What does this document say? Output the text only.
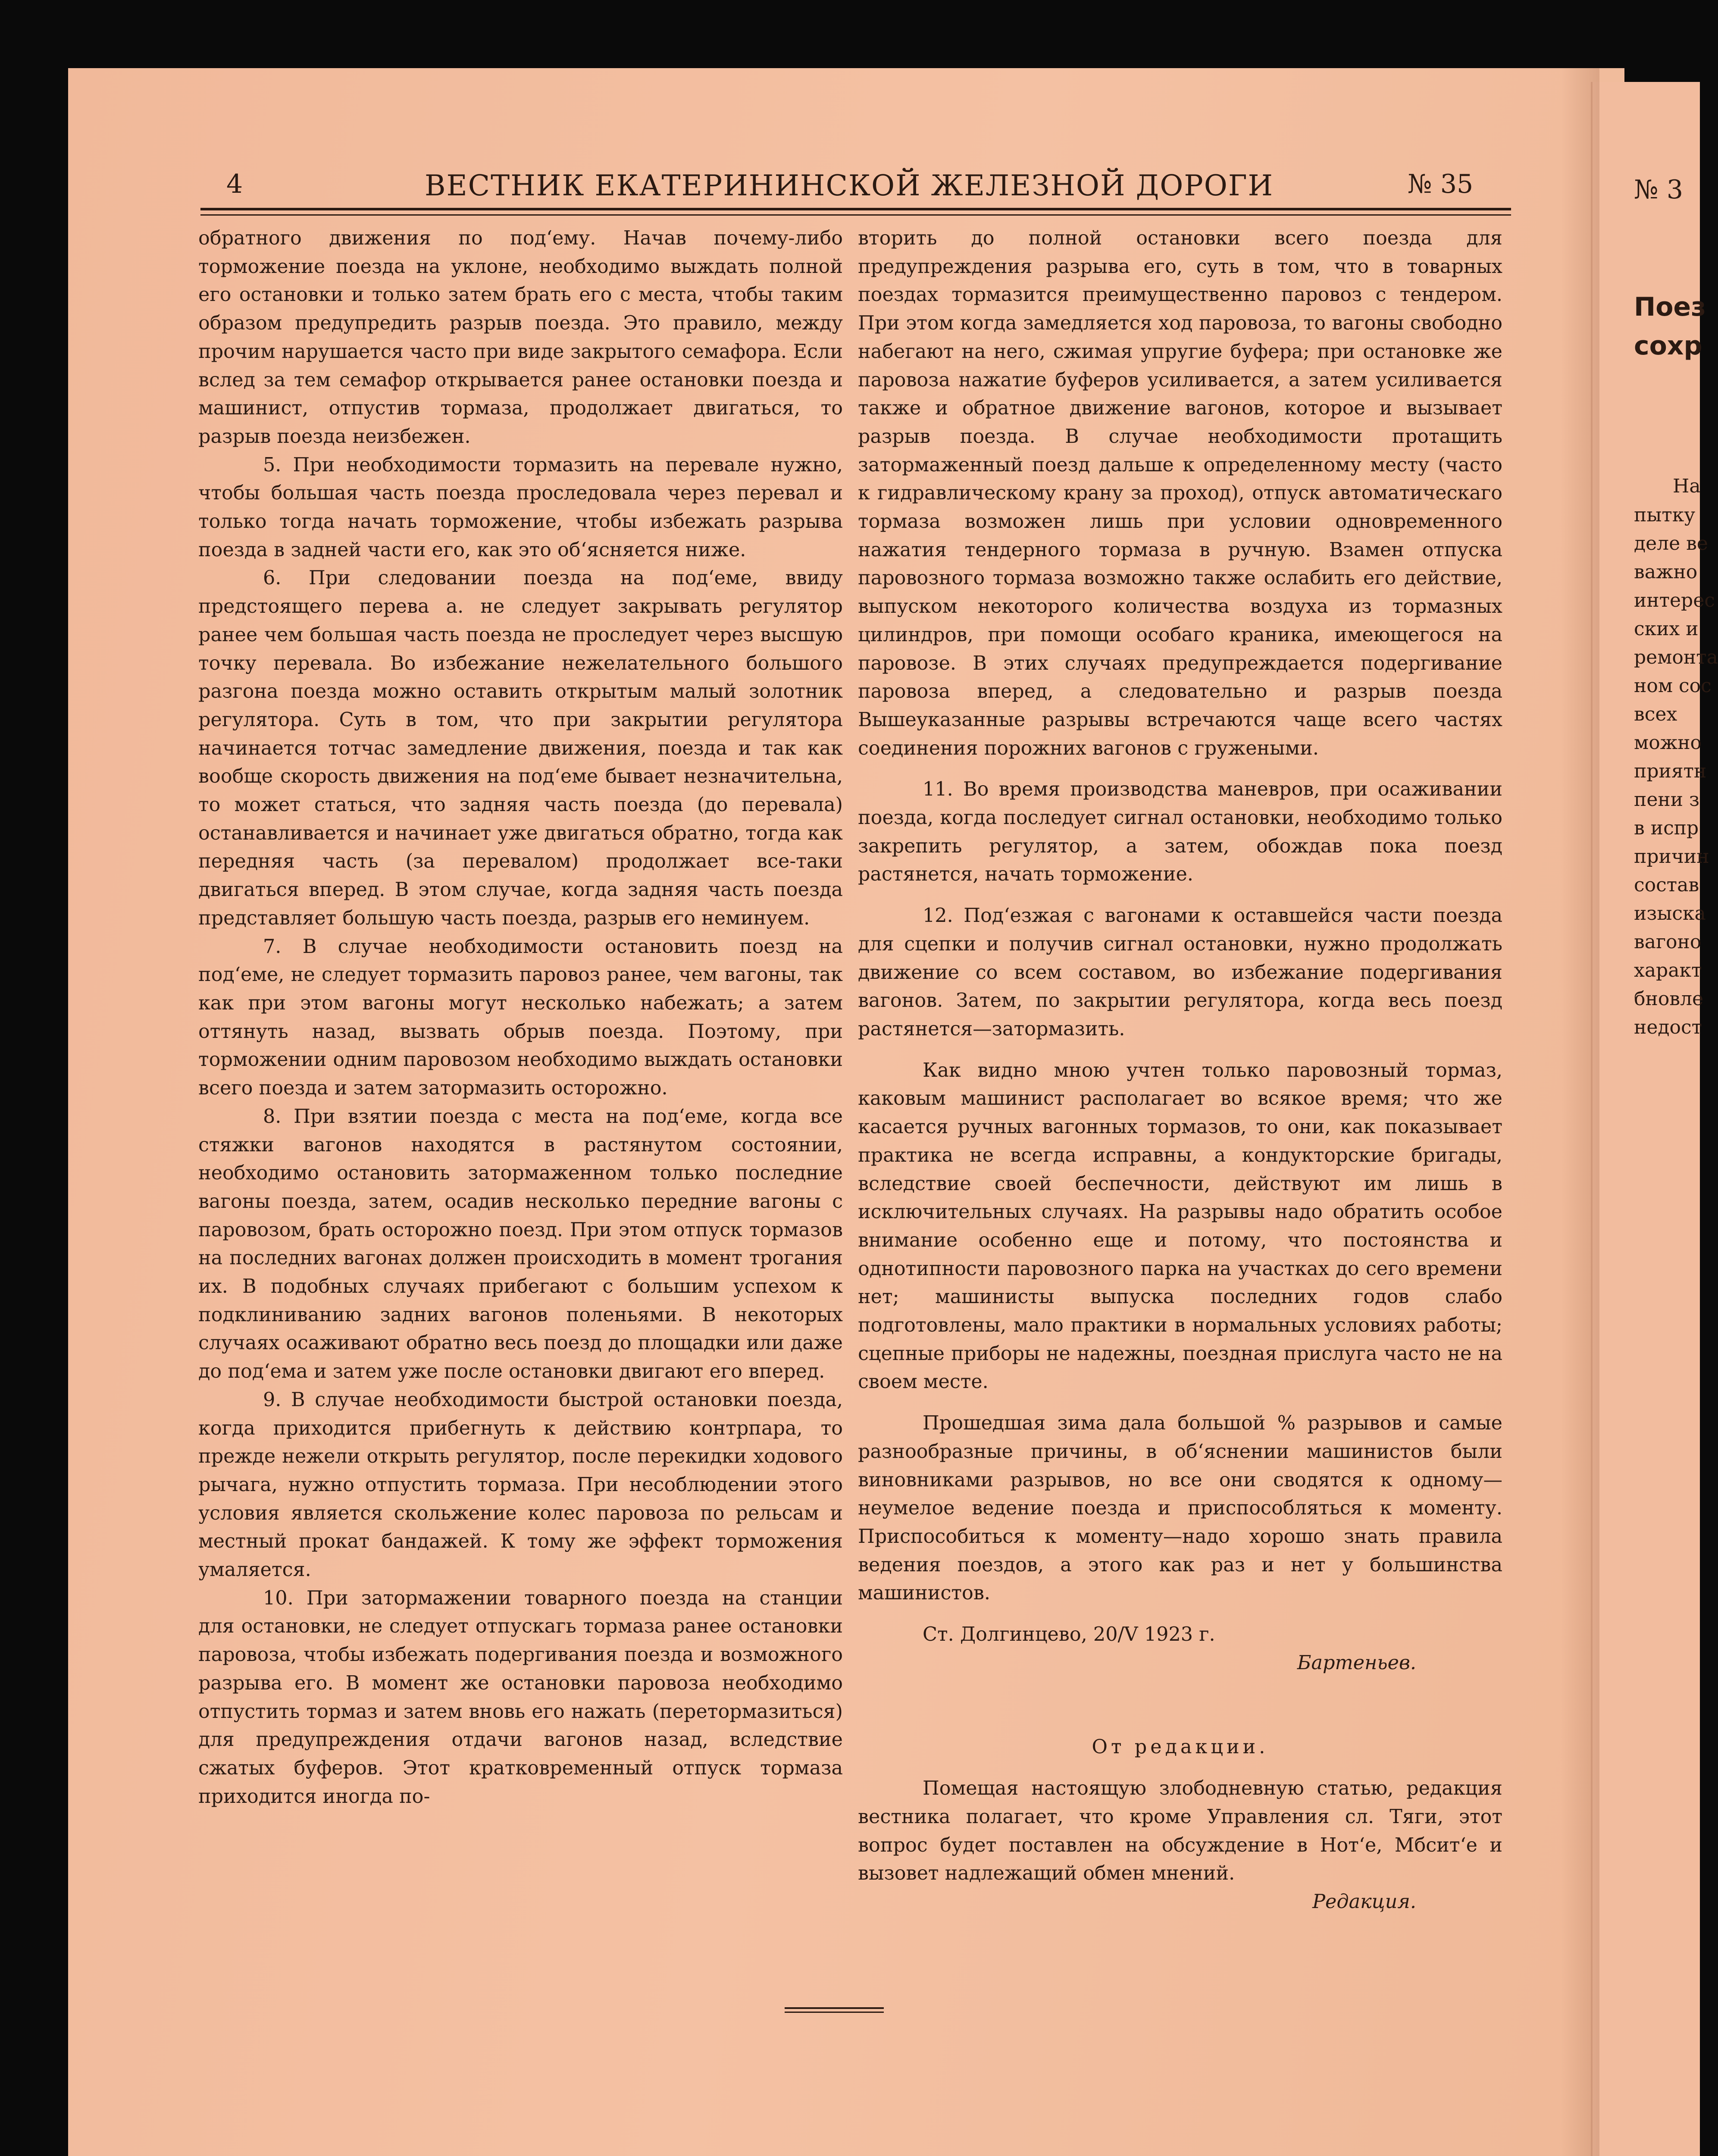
4	ВЕСТНИК ЕКАТЕРИНИНСКОЙ ЖЕЛЕЗНОЙ ДОРОГИ	№ 35	№ 3

обратного движения по под‘ему. Начав почему-либо торможение поезда на уклоне, необходимо выждать полной его остановки и только затем брать его с места, чтобы таким образом предупредить разрыв поезда. Это правило, между прочим нарушается часто при виде закрытого семафора. Если вслед за тем семафор открывается ранее остановки поезда и машинист, отпустив тормаза, продолжает двигаться, то разрыв поезда неизбежен.

5. При необходимости тормазить на перевале нужно, чтобы большая часть поезда проследовала через перевал и только тогда начать торможение, чтобы избежать разрыва поезда в задней части его, как это об‘ясняется ниже.

6. При следовании поезда на под‘еме, ввиду предстоящего перева а. не следует закрывать регулятор ранее чем большая часть поезда не проследует через высшую точку перевала. Во избежание нежелательного большого разгона поезда можно оставить открытым малый золотник регулятора. Суть в том, что при закрытии регулятора начинается тотчас замедление движения, поезда и так как вообще скорость движения на под‘еме бывает незначительна, то может статься, что задняя часть поезда (до перевала) останавливается и начинает уже двигаться обратно, тогда как передняя часть (за перевалом) продолжает все-таки двигаться вперед. В этом случае, когда задняя часть поезда представляет большую часть поезда, разрыв его неминуем.

7. В случае необходимости остановить поезд на под‘еме, не следует тормазить паровоз ранее, чем вагоны, так как при этом вагоны могут несколько набежать; а затем оттянуть назад, вызвать обрыв поезда. Поэтому, при торможении одним паровозом необходимо выждать остановки всего поезда и затем затормазить осторожно.

8. При взятии поезда с места на под‘еме, когда все стяжки вагонов находятся в растянутом состоянии, необходимо остановить затормаженном только последние вагоны поезда, затем, осадив несколько передние вагоны с паровозом, брать осторожно поезд. При этом отпуск тормазов на последних вагонах должен происходить в момент трогания их. В подобных случаях прибегают с большим успехом к подклиниванию задних вагонов поленьями. В некоторых случаях осаживают обратно весь поезд до площадки или даже до под‘ема и затем уже после остановки двигают его вперед.

9. В случае необходимости быстрой остановки поезда, когда приходится прибегнуть к действию контрпара, то прежде нежели открыть регулятор, после перекидки ходового рычага, нужно отпустить тормаза. При несоблюдении этого условия является скольжение колес паровоза по рельсам и местный прокат бандажей. К тому же эффект торможения умаляется.

10. При затормажении товарного поезда на станции для остановки, не следует отпускагь тормаза ранее остановки паровоза, чтобы избежать подергивания поезда и возможного разрыва его. В момент же остановки паровоза необходимо отпустить тормаз и затем вновь его нажать (перетормазиться) для предупреждения отдачи вагонов назад, вследствие сжатых буферов. Этот кратковременный отпуск тормаза приходится иногда по-

вторить до полной остановки всего поезда для предупреждения разрыва его, суть в том, что в товарных поездах тормазится преимущественно паровоз с тендером. При этом когда замедляется ход паровоза, то вагоны свободно набегают на него, сжимая упругие буфера; при остановке же паровоза нажатие буферов усиливается, а затем усиливается также и обратное движение вагонов, которое и вызывает разрыв поезда. В случае необходимости протащить затормаженный поезд дальше к определенному месту (часто к гидравлическому крану за проход), отпуск автоматическаго тормаза возможен лишь при условии одновременного нажатия тендерного тормаза в ручную. Взамен отпуска паровозного тормаза возможно также ослабить его действие, выпуском некоторого количества воздуха из тормазных цилиндров, при помощи особаго краника, имеющегося на паровозе. В этих случаях предупреждается подергивание паровоза вперед, а следовательно и разрыв поезда Вышеуказанные разрывы встречаются чаще всего частях соединения порожних вагонов с гружеными.

11. Во время производства маневров, при осаживании поезда, когда последует сигнал остановки, необходимо только закрепить регулятор, а затем, обождав пока поезд растянется, начать торможение.

12. Под‘езжая с вагонами к оставшейся части поезда для сцепки и получив сигнал остановки, нужно продолжать движение со всем составом, во избежание подергивания вагонов. Затем, по закрытии регулятора, когда весь поезд растянется—затормазить.

Как видно мною учтен только паровозный тормаз, каковым машинист располагает во всякое время; что же касается ручных вагонных тормазов, то они, как показывает практика не всегда исправны, а кондукторские бригады, вследствие своей беспечности, действуют им лишь в исключительных случаях. На разрывы надо обратить особое внимание особенно еще и потому, что постоянства и однотипности паровозного парка на участках до сего времени нет; машинисты выпуска последних годов слабо подготовлены, мало практики в нормальных условиях работы; сцепные приборы не надежны, поездная прислуга часто не на своем месте.

Прошедшая зима дала большой % разрывов и самые разнообразные причины, в об‘яснении машинистов были виновниками разрывов, но все они сводятся к одному— неумелое ведение поезда и приспособляться к моменту. Приспособиться к моменту—надо хорошо знать правила ведения поездов, а этого как раз и нет у большинства машинистов.

Ст. Долгинцево, 20/V 1923 г.

Бартеньев.

От редакции.

Помещая настоящую злободневную статью, редакция вестника полагает, что кроме Управления сл. Тяги, этот вопрос будет поставлен на обсуждение в Нот‘е, Мбсит‘е и вызовет надлежащий обмен мнений.

Редакция.

Поез
сохр
На
пытку
деле ве
важно
интерес
ских и
ремонта
ном сос
всех
можно
приятн
пени з
в испр
причин
состав
изыска
вагоно
характ
бновле
недост
